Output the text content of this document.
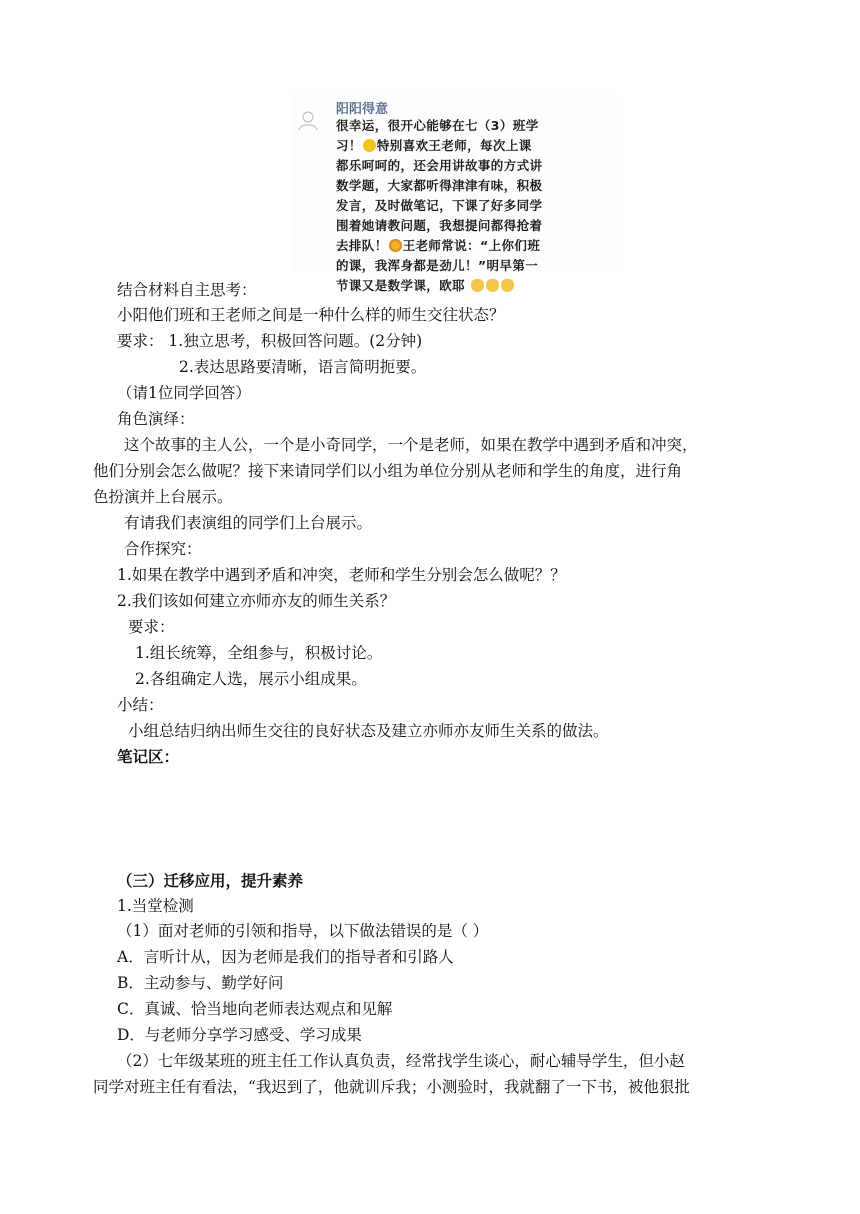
阳阳得意
很幸运，很开心能够在七（3）班学
习！ 特别喜欢王老师，每次上课
都乐呵呵的，还会用讲故事的方式讲
数学题，大家都听得津津有味，积极
发言，及时做笔记，下课了好多同学
围着她请教问题，我想提问都得抢着
去排队！ 王老师常说：“上你们班
的课，我浑身都是劲儿！”明早第一
节课又是数学课，欧耶
结合材料自主思考：
小阳他们班和王老师之间是一种什么样的师生交往状态？
要求： 1.独立思考，积极回答问题。(2分钟)
2.表达思路要清晰，语言简明扼要。
（请1位同学回答）
角色演绎：
这个故事的主人公，一个是小奇同学，一个是老师，如果在教学中遇到矛盾和冲突，
他们分别会怎么做呢？接下来请同学们以小组为单位分别从老师和学生的角度，进行角
色扮演并上台展示。
有请我们表演组的同学们上台展示。
合作探究：
1.如果在教学中遇到矛盾和冲突，老师和学生分别会怎么做呢？？
2.我们该如何建立亦师亦友的师生关系？
要求：
1.组长统筹，全组参与，积极讨论。
2.各组确定人选，展示小组成果。
小结：
小组总结归纳出师生交往的良好状态及建立亦师亦友师生关系的做法。
笔记区：
（三）迁移应用，提升素养
1.当堂检测
（1）面对老师的引领和指导，以下做法错误的是（ ）
A．言听计从，因为老师是我们的指导者和引路人
B．主动参与、勤学好问
C．真诚、恰当地向老师表达观点和见解
D．与老师分享学习感受、学习成果
（2）七年级某班的班主任工作认真负责，经常找学生谈心，耐心辅导学生，但小赵
同学对班主任有看法，“我迟到了，他就训斥我；小测验时，我就翻了一下书，被他狠批
